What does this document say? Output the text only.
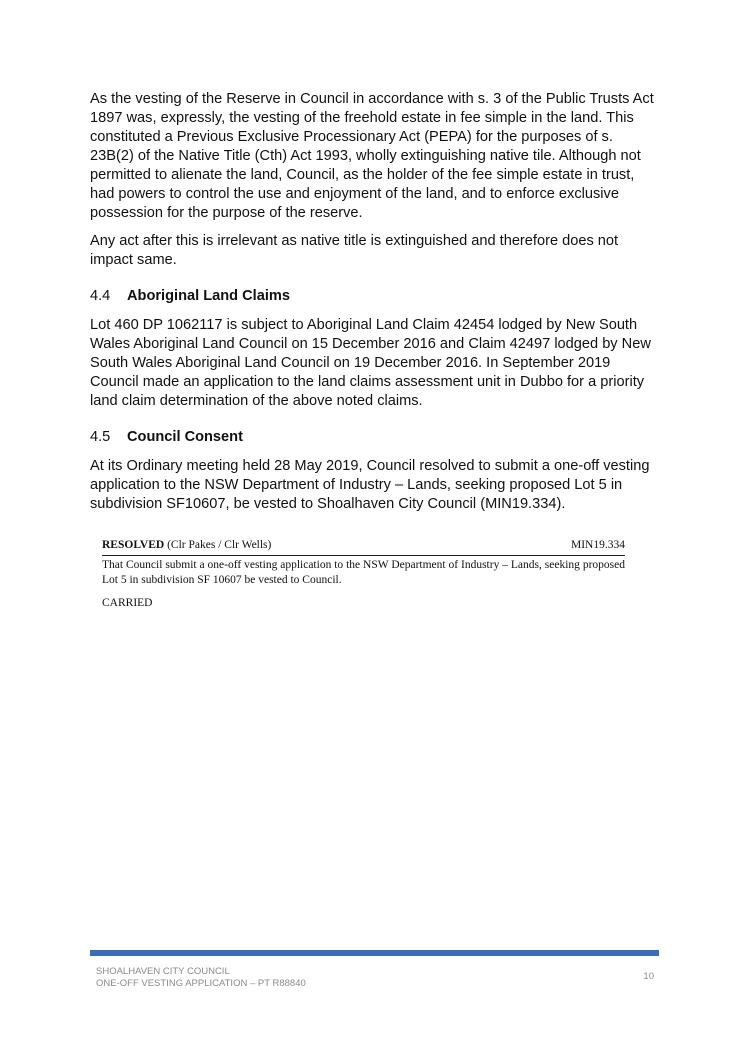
As the vesting of the Reserve in Council in accordance with s. 3 of the Public Trusts Act 1897 was, expressly, the vesting of the freehold estate in fee simple in the land. This constituted a Previous Exclusive Processionary Act (PEPA) for the purposes of s. 23B(2) of the Native Title (Cth) Act 1993, wholly extinguishing native tile. Although not permitted to alienate the land, Council, as the holder of the fee simple estate in trust, had powers to control the use and enjoyment of the land, and to enforce exclusive possession for the purpose of the reserve.

Any act after this is irrelevant as native title is extinguished and therefore does not impact same.

4.4	Aboriginal Land Claims

Lot 460 DP 1062117 is subject to Aboriginal Land Claim 42454 lodged by New South Wales Aboriginal Land Council on 15 December 2016 and Claim 42497 lodged by New South Wales Aboriginal Land Council on 19 December 2016. In September 2019 Council made an application to the land claims assessment unit in Dubbo for a priority land claim determination of the above noted claims.

4.5	Council Consent

At its Ordinary meeting held 28 May 2019, Council resolved to submit a one-off vesting application to the NSW Department of Industry – Lands, seeking proposed Lot 5 in subdivision SF10607, be vested to Shoalhaven City Council (MIN19.334).

RESOLVED (Clr Pakes / Clr Wells)	MIN19.334
That Council submit a one-off vesting application to the NSW Department of Industry – Lands, seeking proposed Lot 5 in subdivision SF 10607 be vested to Council.
CARRIED
SHOALHAVEN CITY COUNCIL
ONE-OFF VESTING APPLICATION – PT R88840
10
